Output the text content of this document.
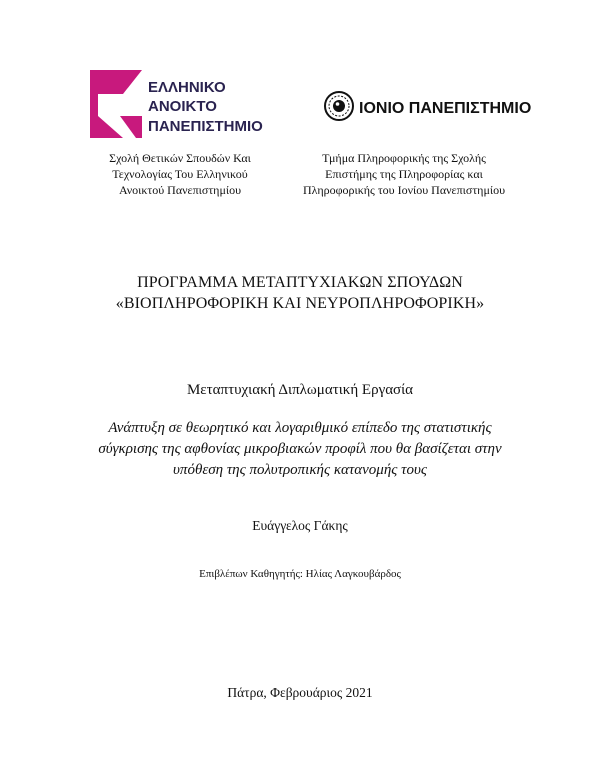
ΕΛΛΗΝΙΚΟ
ΑΝΟΙΚΤΟ
ΠΑΝΕΠΙΣΤΗΜΙΟ
ΙΟΝΙΟ ΠΑΝΕΠΙΣΤΗΜΙΟ
Σχολή Θετικών Σπουδών Και
Τεχνολογίας Του Ελληνικού
Ανοικτού Πανεπιστημίου
Τμήμα Πληροφορικής της Σχολής
Επιστήμης της Πληροφορίας και
Πληροφορικής του Ιονίου Πανεπιστημίου
ΠΡΟΓΡΑΜΜΑ ΜΕΤΑΠΤΥΧΙΑΚΩΝ ΣΠΟΥΔΩΝ
«ΒΙΟΠΛΗΡΟΦΟΡΙΚΗ ΚΑΙ ΝΕΥΡΟΠΛΗΡΟΦΟΡΙΚΗ»
Μεταπτυχιακή Διπλωματική Εργασία
Ανάπτυξη σε θεωρητικό και λογαριθμικό επίπεδο της στατιστικής
σύγκρισης της αφθονίας μικροβιακών προφίλ που θα βασίζεται στην
υπόθεση της πολυτροπικής κατανομής τους
Ευάγγελος Γάκης
Επιβλέπων Καθηγητής: Ηλίας Λαγκουβάρδος
Πάτρα, Φεβρουάριος 2021
